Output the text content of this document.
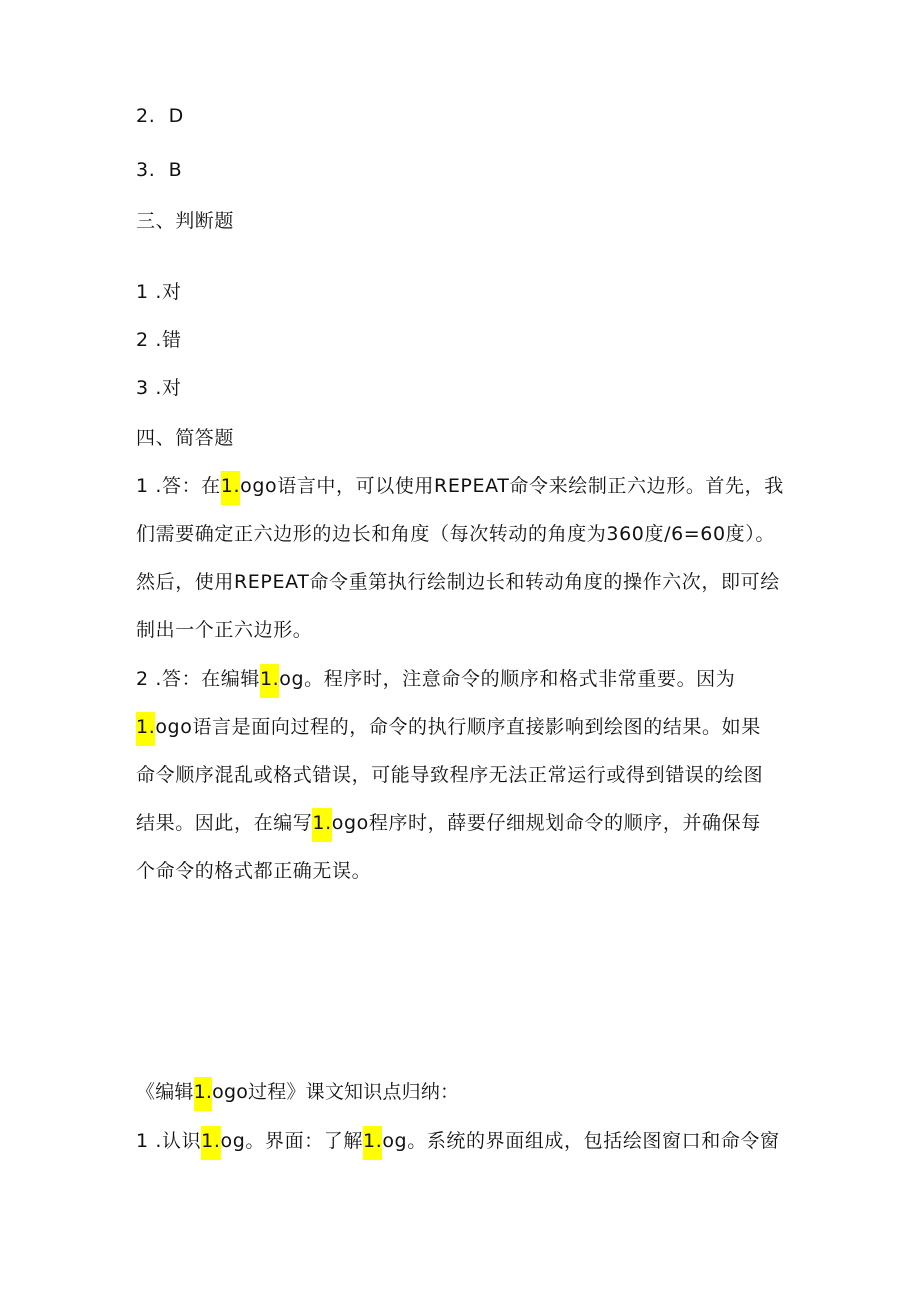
2. D
3. B
三、判断题
1 .对
2 .错
3 .对
四、简答题
1 .答：在1.ogo语言中，可以使用REPEAT命令来绘制正六边形。首先，我
们需要确定正六边形的边长和角度（每次转动的角度为360度/6=60度）。
然后，使用REPEAT命令重第执行绘制边长和转动角度的操作六次，即可绘
制出一个正六边形。
2 .答：在编辑1.og。程序时，注意命令的顺序和格式非常重要。因为
1.ogo语言是面向过程的，命令的执行顺序直接影响到绘图的结果。如果
命令顺序混乱或格式错误，可能导致程序无法正常运行或得到错误的绘图
结果。因此，在编写1.ogo程序时，薛要仔细规划命令的顺序，并确保每
个命令的格式都正确无误。
《编辑1.ogo过程》课文知识点归纳：
1 .认识1.og。界面：了解1.og。系统的界面组成，包括绘图窗口和命令窗
